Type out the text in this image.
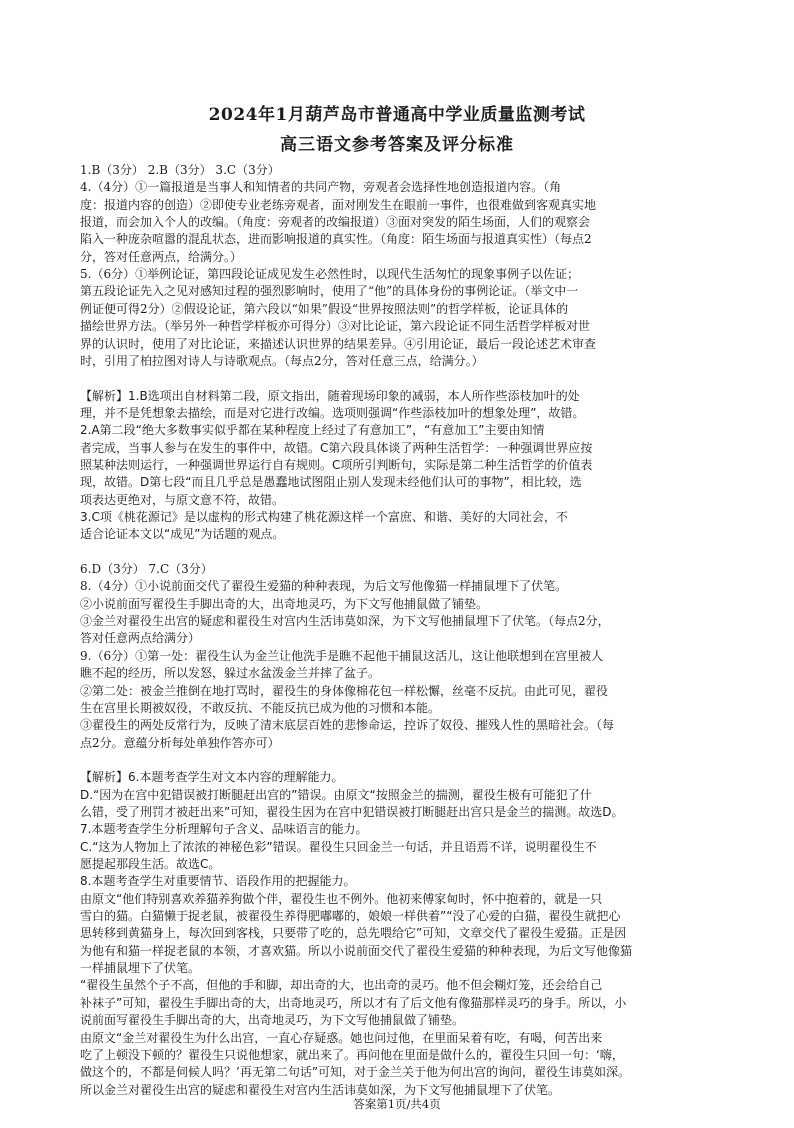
2024年1月葫芦岛市普通高中学业质量监测考试
高三语文参考答案及评分标准
1.B（3分） 2.B（3分） 3.C（3分）
4.（4分）①一篇报道是当事人和知情者的共同产物，旁观者会选择性地创造报道内容。（角
度：报道内容的创造）②即使专业老练旁观者，面对刚发生在眼前一事件，也很难做到客观真实地
报道，而会加入个人的改编。（角度：旁观者的改编报道）③面对突发的陌生场面，人们的观察会
陷入一种庞杂喧嚣的混乱状态，进而影响报道的真实性。（角度：陌生场面与报道真实性）（每点2
分，答对任意两点，给满分。）
5.（6分）①举例论证，第四段论证成见发生必然性时，以现代生活匆忙的现象事例子以佐证；
第五段论证先入之见对感知过程的强烈影响时，使用了“他”的具体身份的事例论证。（举文中一
例证便可得2分）②假设论证，第六段以“如果”假设“世界按照法则”的哲学样板，论证具体的
描绘世界方法。（举另外一种哲学样板亦可得分）③对比论证，第六段论证不同生活哲学样板对世
界的认识时，使用了对比论证，来描述认识世界的结果差异。④引用论证，最后一段论述艺术审查
时，引用了柏拉图对诗人与诗歌观点。（每点2分，答对任意三点，给满分。）
【解析】1.B选项出自材料第二段，原文指出，随着现场印象的减弱，本人所作些添枝加叶的处
理，并不是凭想象去描绘，而是对它进行改编。选项则强调“作些添枝加叶的想象处理”，故错。
2.A第二段“绝大多数事实似乎都在某种程度上经过了有意加工”，“有意加工”主要由知情
者完成，当事人参与在发生的事件中，故错。C第六段具体谈了两种生活哲学：一种强调世界应按
照某种法则运行，一种强调世界运行自有规则。C项所引判断句，实际是第二种生活哲学的价值表
现，故错。D第七段“而且几乎总是愚蠢地试图阻止别人发现未经他们认可的事物”，相比较，选
项表达更绝对，与原文意不符，故错。
3.C项《桃花源记》是以虚构的形式构建了桃花源这样一个富庶、和谐、美好的大同社会，不
适合论证本文以“成见”为话题的观点。
6.D（3分） 7.C（3分）
8.（4分）①小说前面交代了翟役生爱猫的种种表现，为后文写他像猫一样捕鼠埋下了伏笔。
②小说前面写翟役生手脚出奇的大，出奇地灵巧，为下文写他捕鼠做了铺垫。
③金兰对翟役生出宫的疑虑和翟役生对宫内生活讳莫如深，为下文写他捕鼠埋下了伏笔。（每点2分，
答对任意两点给满分）
9.（6分）①第一处：翟役生认为金兰让他洗手是瞧不起他干捕鼠这活儿，这让他联想到在宫里被人
瞧不起的经历，所以发怒，躲过水盆泼金兰并摔了盆子。
②第二处：被金兰推倒在地打骂时，翟役生的身体像棉花包一样松懈，丝毫不反抗。由此可见，翟役
生在宫里长期被奴役，不敢反抗、不能反抗已成为他的习惯和本能。
③翟役生的两处反常行为，反映了清末底层百姓的悲惨命运，控诉了奴役、摧残人性的黑暗社会。（每
点2分。意蕴分析每处单独作答亦可）
【解析】6.本题考查学生对文本内容的理解能力。
D.“因为在宫中犯错误被打断腿赶出宫的”错误。由原文“按照金兰的揣测，翟役生极有可能犯了什
么错，受了刑罚才被赶出来”可知，翟役生因为在宫中犯错误被打断腿赶出宫只是金兰的揣测。故选D。
7.本题考查学生分析理解句子含义、品味语言的能力。
C.“这为人物加上了浓浓的神秘色彩”错误。翟役生只回金兰一句话，并且语焉不详，说明翟役生不
愿提起那段生活。故选C。
8.本题考查学生对重要情节、语段作用的把握能力。
由原文“他们特别喜欢养猫养狗做个伴，翟役生也不例外。他初来傅家甸时，怀中抱着的，就是一只
雪白的猫。白猫懒于捉老鼠，被翟役生养得肥嘟嘟的，娘娘一样供着”“没了心爱的白猫，翟役生就把心
思转移到黄猫身上，每次回到客栈，只要带了吃的，总先喂给它”可知，文章交代了翟役生爱猫。正是因
为他有和猫一样捉老鼠的本领，才喜欢猫。所以小说前面交代了翟役生爱猫的种种表现，为后文写他像猫
一样捕鼠埋下了伏笔。
“翟役生虽然个子不高，但他的手和脚，却出奇的大，也出奇的灵巧。他不但会糊灯笼，还会给自己
补袜子”可知，翟役生手脚出奇的大，出奇地灵巧，所以才有了后文他有像猫那样灵巧的身手。所以，小
说前面写翟役生手脚出奇的大，出奇地灵巧，为下文写他捕鼠做了铺垫。
由原文“金兰对翟役生为什么出宫，一直心存疑惑。她也问过他，在里面呆着有吃，有喝，何苦出来
吃了上顿没下顿的？翟役生只说他想家，就出来了。再问他在里面是做什么的，翟役生只回一句：‘嗨，
做这个的，不都是伺候人吗？’再无第二句话”可知，对于金兰关于他为何出宫的询问，翟役生讳莫如深。
所以金兰对翟役生出宫的疑虑和翟役生对宫内生活讳莫如深，为下文写他捕鼠埋下了伏笔。
答案第1页/共4页
